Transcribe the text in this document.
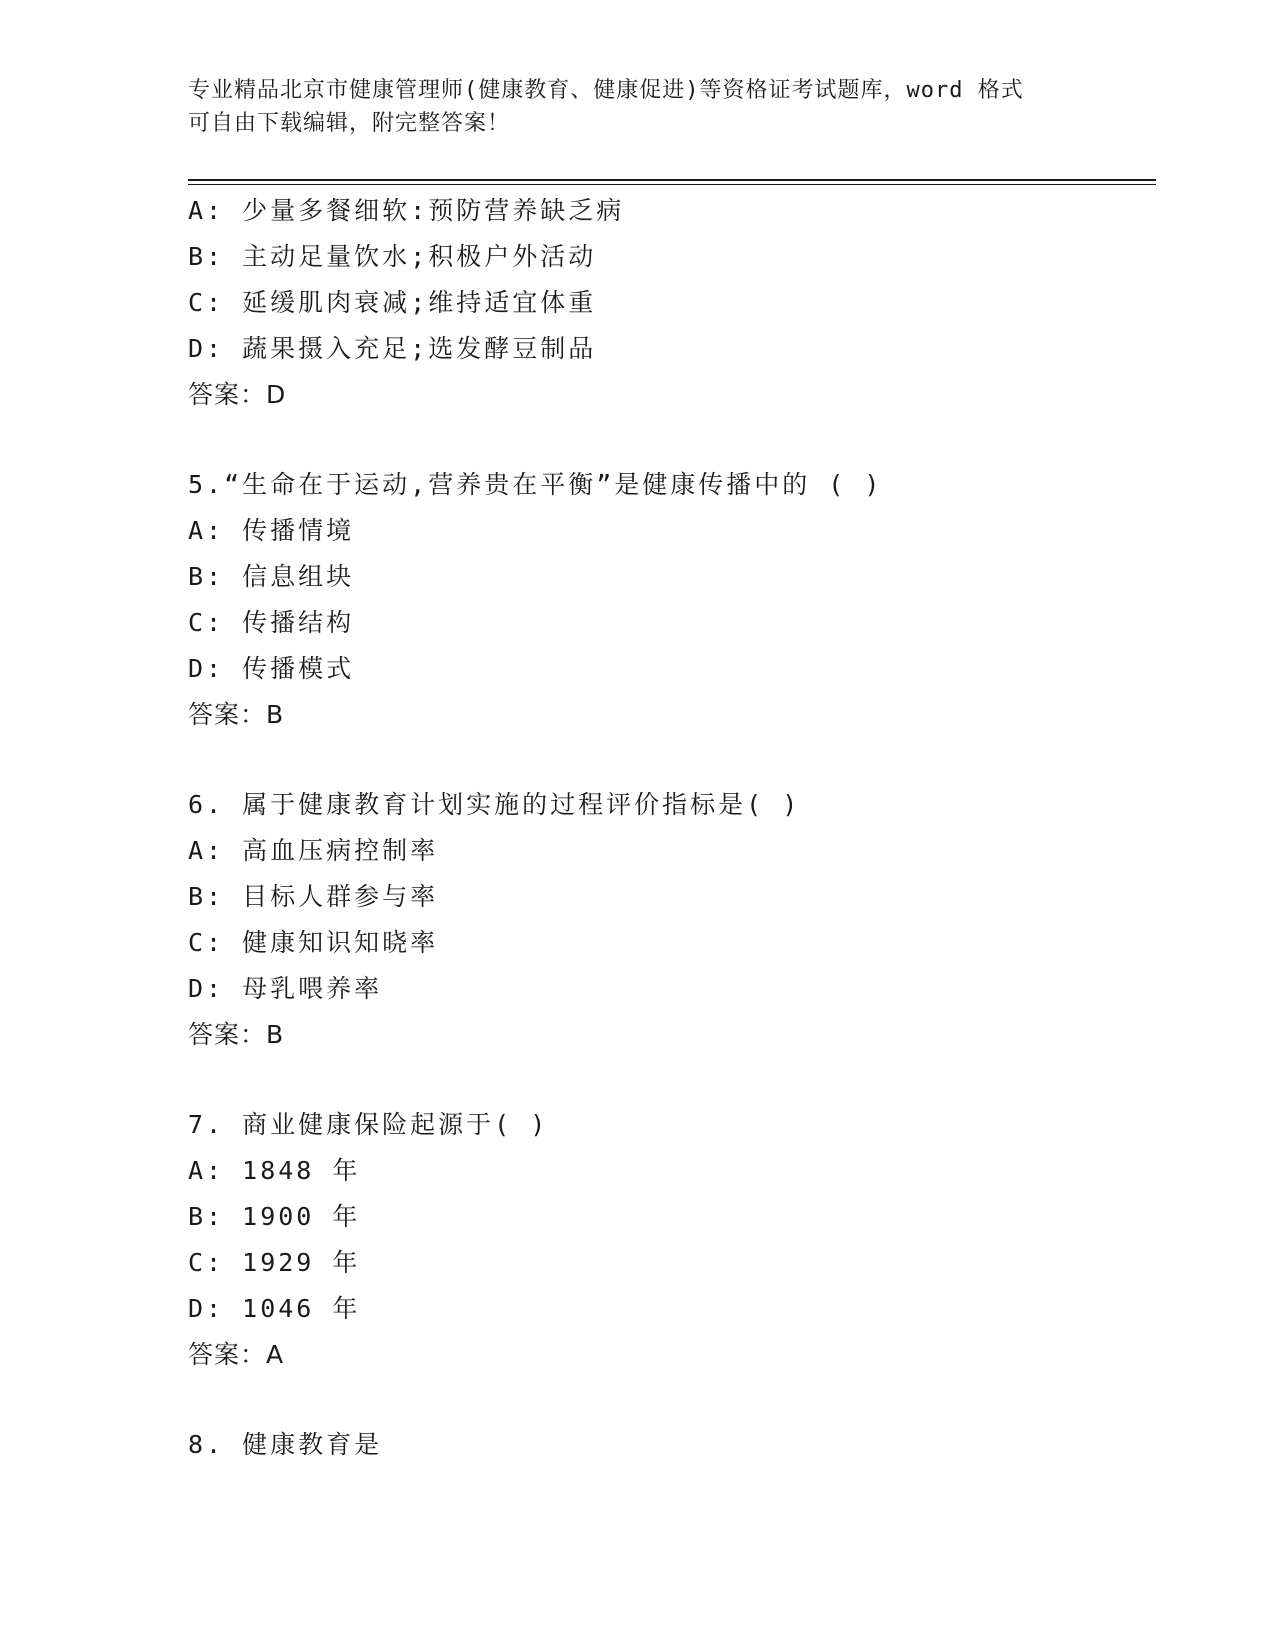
专业精品北京市健康管理师(健康教育、健康促进)等资格证考试题库，word 格式
可自由下载编辑，附完整答案！
A: 少量多餐细软:预防营养缺乏病
B: 主动足量饮水;积极户外活动
C: 延缓肌肉衰减;维持适宜体重
D: 蔬果摄入充足;选发酵豆制品
答案：D
5.“生命在于运动,营养贵在平衡”是健康传播中的 ( )
A: 传播情境
B: 信息组块
C: 传播结构
D: 传播模式
答案：B
6. 属于健康教育计划实施的过程评价指标是( )
A: 高血压病控制率
B: 目标人群参与率
C: 健康知识知晓率
D: 母乳喂养率
答案：B
7. 商业健康保险起源于( )
A: 1848 年
B: 1900 年
C: 1929 年
D: 1046 年
答案：A
8. 健康教育是
